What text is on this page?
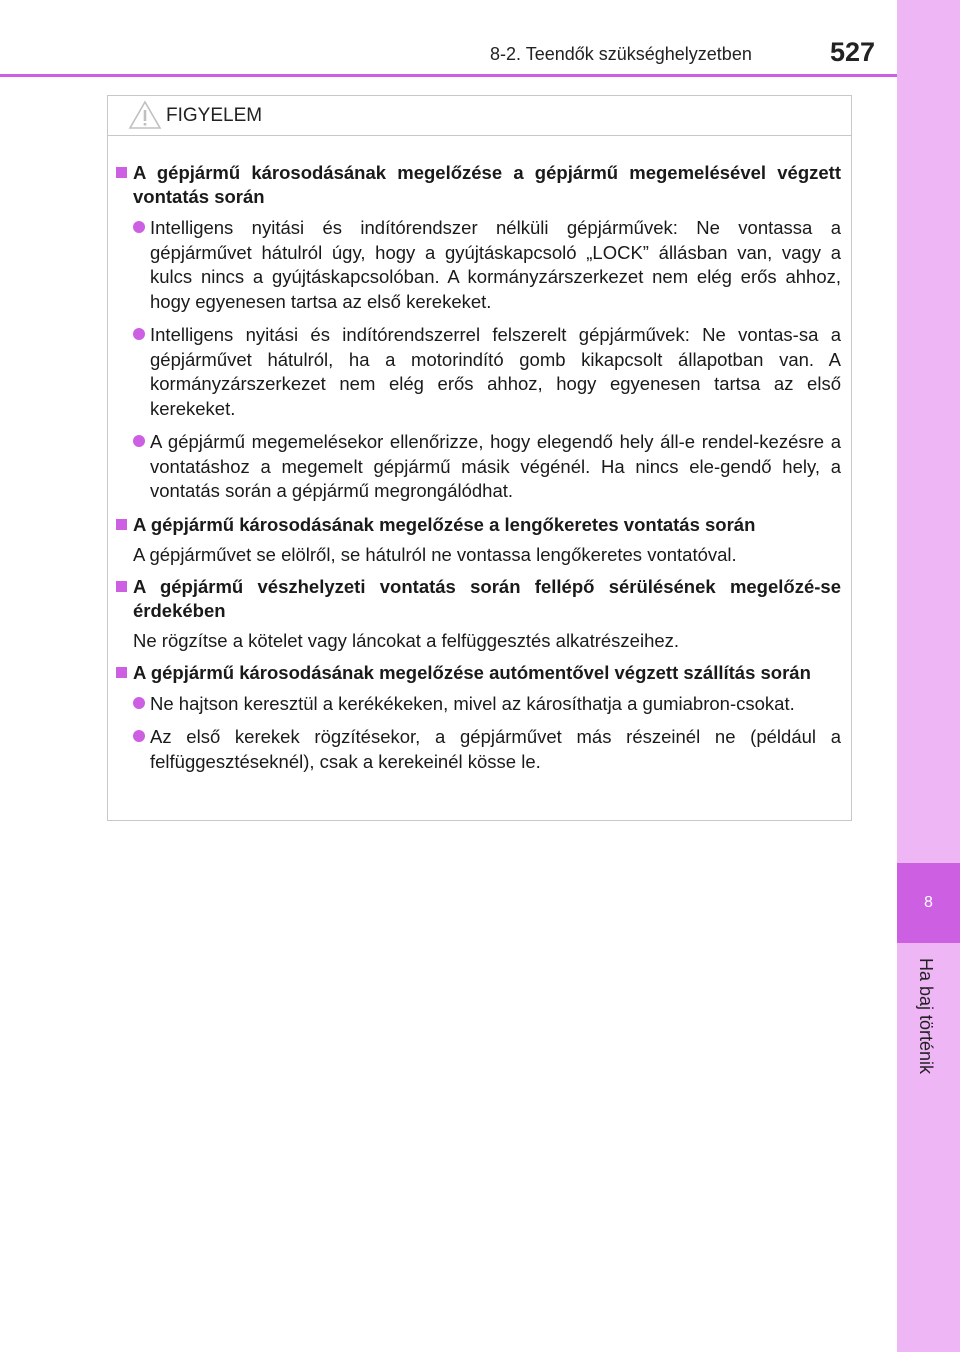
8-2. Teendők szükséghelyzetben	527
8
Ha baj történik
FIGYELEM
A gépjármű károsodásának megelőzése a gépjármű megemelésével végzett vontatás során
Intelligens nyitási és indítórendszer nélküli gépjárművek: Ne vontassa a gépjárművet hátulról úgy, hogy a gyújtáskapcsoló „LOCK” állásban van, vagy a kulcs nincs a gyújtáskapcsolóban. A kormányzárszerkezet nem elég erős ahhoz, hogy egyenesen tartsa az első kerekeket.
Intelligens nyitási és indítórendszerrel felszerelt gépjárművek: Ne vontas-sa a gépjárművet hátulról, ha a motorindító gomb kikapcsolt állapotban van. A kormányzárszerkezet nem elég erős ahhoz, hogy egyenesen tartsa az első kerekeket.
A gépjármű megemelésekor ellenőrizze, hogy elegendő hely áll-e rendel-kezésre a vontatáshoz a megemelt gépjármű másik végénél. Ha nincs ele-gendő hely, a vontatás során a gépjármű megrongálódhat.
A gépjármű károsodásának megelőzése a lengőkeretes vontatás során
A gépjárművet se elölről, se hátulról ne vontassa lengőkeretes vontatóval.
A gépjármű vészhelyzeti vontatás során fellépő sérülésének megelőzé-se érdekében
Ne rögzítse a kötelet vagy láncokat a felfüggesztés alkatrészeihez.
A gépjármű károsodásának megelőzése autómentővel végzett szállítás során
Ne hajtson keresztül a kerékékeken, mivel az károsíthatja a gumiabron-csokat.
Az első kerekek rögzítésekor, a gépjárművet más részeinél ne (például a felfüggesztéseknél), csak a kerekeinél kösse le.
